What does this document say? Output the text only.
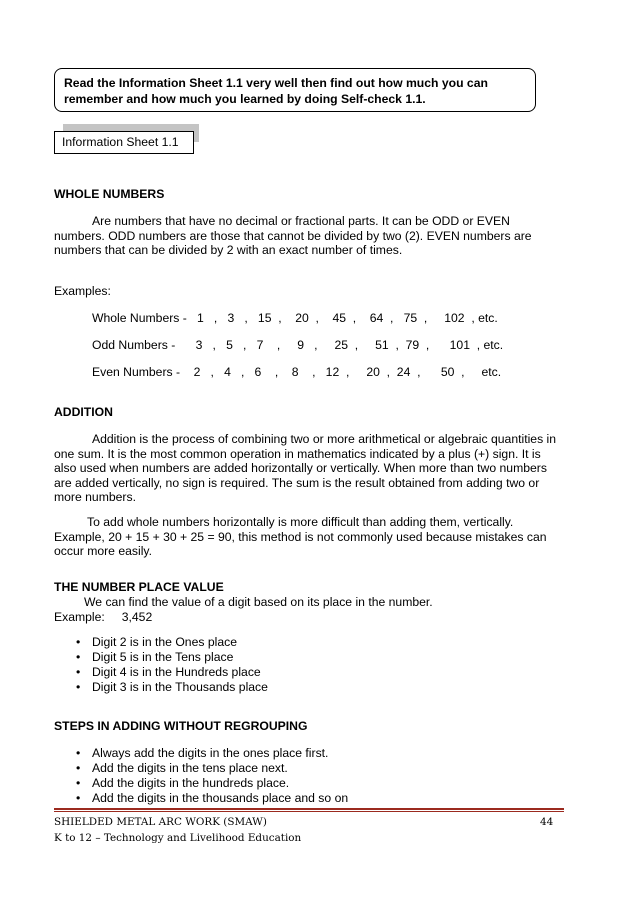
Read the Information Sheet 1.1 very well then find out how much you can
remember and how much you learned by doing Self-check 1.1.
Information Sheet 1.1
WHOLE NUMBERS
Are numbers that have no decimal or fractional parts. It can be ODD or EVEN numbers. ODD numbers are those that cannot be divided by two (2). EVEN numbers are numbers that can be divided by 2 with an exact number of times.
Examples:
Whole Numbers -   1   ,   3   ,   15  ,    20  ,    45  ,    64  ,   75  ,     102  , etc.
Odd Numbers -      3   ,   5   ,   7    ,     9   ,     25  ,     51  ,  79  ,      101  , etc.
Even Numbers -    2   ,   4   ,   6    ,    8    ,   12  ,     20  ,  24  ,      50  ,     etc.
ADDITION
Addition is the process of combining two or more arithmetical or algebraic quantities in one sum. It is the most common operation in mathematics indicated by a plus (+) sign. It is also used when numbers are added horizontally or vertically. When more than two numbers are added vertically, no sign is required. The sum is the result obtained from adding two or more numbers.
To add whole numbers horizontally is more difficult than adding them, vertically. Example, 20 + 15 + 30 + 25 = 90, this method is not commonly used because mistakes can occur more easily.
THE NUMBER PLACE VALUE
We can find the value of a digit based on its place in the number.
Example:     3,452
• Digit 2 is in the Ones place
• Digit 5 is in the Tens place
• Digit 4 is in the Hundreds place
• Digit 3 is in the Thousands place
STEPS IN ADDING WITHOUT REGROUPING
• Always add the digits in the ones place first.
• Add the digits in the tens place next.
• Add the digits in the hundreds place.
• Add the digits in the thousands place and so on
SHIELDED METAL ARC WORK (SMAW)
K to 12 – Technology and Livelihood Education
44
